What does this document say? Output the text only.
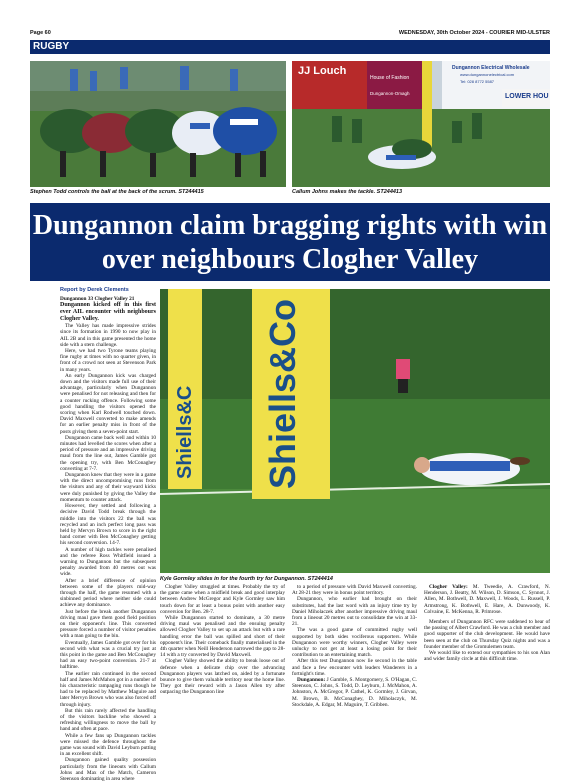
Page 60	WEDNESDAY, 30th October 2024 - COURIER MID-ULSTER
RUGBY
Stephen Todd controls the ball at the back of the scrum. ST244415
JJ Louch
House of Fashion
Dungannon-Omagh
Dungannon Electrical Wholesale
www.dungannonelectrical.com
Tel: 028 8772 5587
LOWER HOU
Callum Johns makes the tackle. ST244413
Dungannon claim bragging rights with win over neighbours Clogher Valley
Report by Derek Clements
Shiells&C Shiells&Co
Kyle Gormley slides in for the fourth try for Dungannon. ST244414

Dungannon 33 Clogher Valley 21

Dungannon kicked off in this first ever AIL encounter with neighbours Clogher Valley.

The Valley has made impressive strides since its formation in 1990 to now play in AIL 2B and in this game presented the home side with a stern challenge.

Here, we had two Tyrone teams playing fine rugby at times with no quarter given, in front of a crowd not seen at Stevenson Park in many years.

An early Dungannon kick was charged down and the visitors made full use of their advantage, particularly when Dungannon were penalised for not releasing and then for a counter rucking offence. Following some good handling the visitors opened the scoring when Karl Rodwell touched down. David Maxwell converted to make amends for an earlier penalty miss in front of the posts giving them a seven-point start.

Dungannon came back well and within 10 minutes had levelled the scores when after a period of pressure and an impressive driving maul from the line out, James Gamble got the opening try, with Ben McConaghey converting at 7-7.

Dungannon knew that they were in a game with the direct uncompromising runs from the visitors and any of their wayward kicks were duly punished by giving the Valley the momentum to counter attack.

However, they settled and following a decisive David Todd break through the middle into the visitors 22 the ball was recycled and an inch perfect long pass was held by Mervyn Brown to score in the right hand corner with Ben McConaghey getting his second conversion. 14-7.

A number of high tackles were penalised and the referee Ross Whitfield issued a warning to Dungannon but the subsequent penalty awarded from 40 metres out was wide.

After a brief difference of opinion between some of the players mid-way through the half, the game resumed with a sinbinned period where neither side could achieve any dominance.

Just before the break another Dungannon driving maul gave them good field position on their opponent's line. This converted pressure forced a number of visitor penalties with a man going to the bin.

Eventually, James Gamble got over for his second with what was a crucial try just at this point in the game and Ben McConaghey had an easy two-point conversion. 21-7 at halftime.

The earlier rain continued in the second half and James McMahon got in a number of his characteristic rampaging runs though he had to be replaced by Matthew Maguire and later Mervyn Brown who was also forced off through injury.

But this rain rarely affected the handling of the visitors backline who showed a refreshing willingness to move the ball by hand and often at pace.

While a few fans up Dungannon tackles were missed the defence throughout the game was sound with David Leyburn putting in an excellent shift.

Dungannon gained quality possession particularly from the lineouts with Callum Johns and Max of the Match, Cameron Steenson dominating in area where

Clogher Valley struggled at times. Probably the try of the game came when a midfield break and good interplay between Andrew McGregor and Kyle Gormley saw him touch down for at least a bonus point with another easy conversion for Ben. 28-7.

While Dungannon started to dominate, a 30 metre driving maul was penalised and the ensuing penalty allowed Clogher Valley to set up an attack but with a rare handling error the ball was spilled and short of their opponent's line. Their comeback finally materialised in the 4th quarter when Neill Henderson narrowed the gap to 28-14 with a try converted by David Maxwell.

Clogher Valley showed the ability to break loose out of defence when a delicate chip over the advancing Dungannon players was latched on, aided by a fortunate bounce to give them valuable territory near the home line. They got their reward with a Jason Allen try after outpacing the Dungannon line

to a period of pressure with David Maxwell converting. At 28-21 they were in bonus point territory.

Dungannon, who earlier had brought on their substitutes, had the last word with an injury time try by Daniel Miholaczek after another impressive driving maul from a lineout 20 metres out to consolidate the win at 33-21.

The was a good game of committed rugby well supported by both sides vociferous supporters. While Dungannon were worthy winners, Clogher Valley were unlucky to not get at least a losing point for their contribution to an entertaining match.

After this test Dungannon now lie second in the table and face a few encounter with leaders Wanderers in a fortnight's time.

Dungannon: J Gamble, S. Montgomery, S. O'Hagan, C. Steenson, C. Johns, S. Todd, D. Leyburn, J. McMahon, A. Johnston, A. McGregor, P. Cathel, K. Gormley, J. Girvan, M. Brown, B. McConaghey, D. Miholaczyk, M. Stockdale, A. Edgar, M. Maguire, T. Gribben.

Clogher Valley: M. Tweedie, A. Crawford, N. Henderson, J. Beatty, M. Wilson, D. Simson, C. Synnot, J. Allen, M. Bothwell, D. Maxwell, J. Woods, L. Russell, P. Armstrong, K. Bothwell, E. Hare, A. Dunwoody, K. Colvaine, E. McKenna, R. Primrose.

Members of Dungannon RFC were saddened to hear of the passing of Albert Crawford. He was a club member and good supporter of the club development. He would have been seen at the club on Thursday Quiz nights and was a founder member of the Gromulemen team.

We would like to extend our sympathies to his son Alan and wider family circle at this difficult time.
